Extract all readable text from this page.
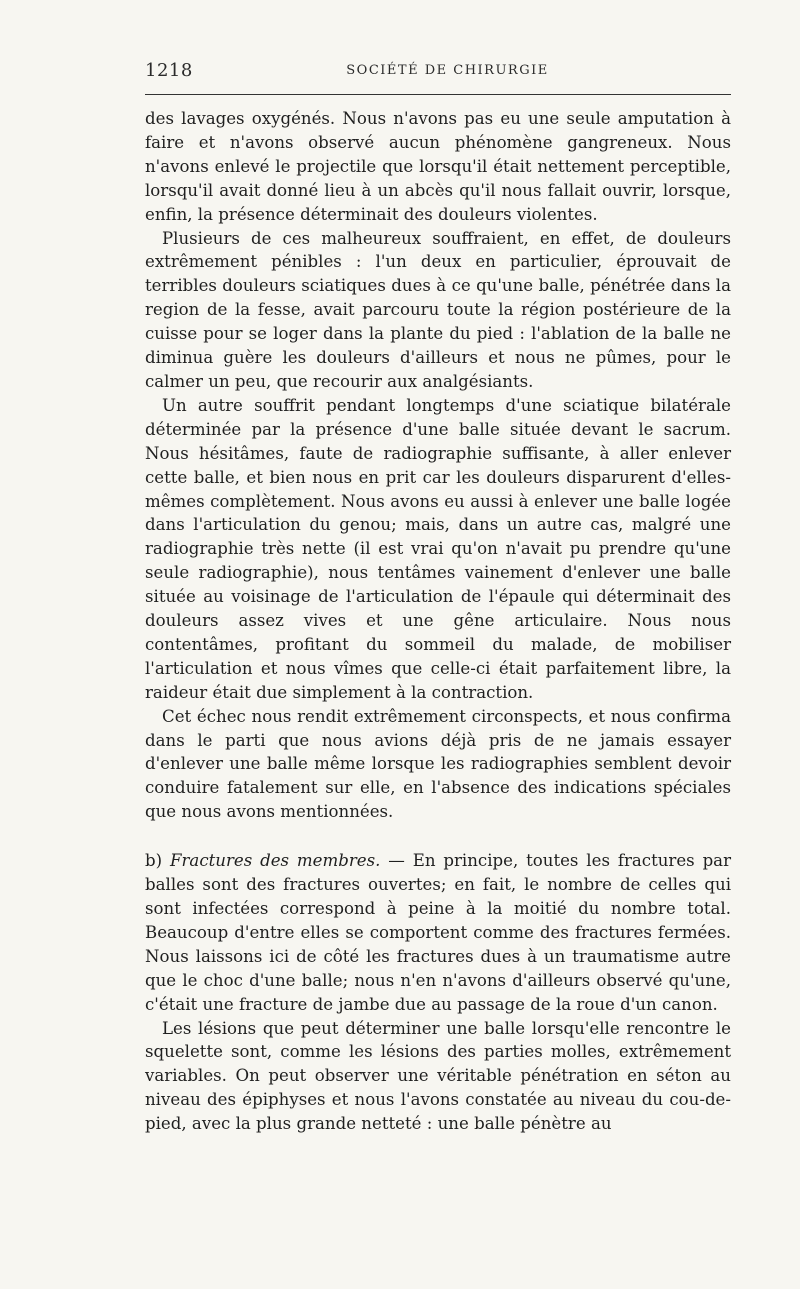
1218	SOCIÉTÉ DE CHIRURGIE

des lavages oxygénés. Nous n'avons pas eu une seule amputation à faire et n'avons observé aucun phénomène gangreneux. Nous n'avons enlevé le projectile que lorsqu'il était nettement perceptible, lorsqu'il avait donné lieu à un abcès qu'il nous fallait ouvrir, lorsque, enfin, la présence déterminait des douleurs violentes.

Plusieurs de ces malheureux souffraient, en effet, de douleurs extrêmement pénibles : l'un deux en particulier, éprouvait de terribles douleurs sciatiques dues à ce qu'une balle, pénétrée dans la region de la fesse, avait parcouru toute la région postérieure de la cuisse pour se loger dans la plante du pied : l'ablation de la balle ne diminua guère les douleurs d'ailleurs et nous ne pûmes, pour le calmer un peu, que recourir aux analgésiants.

Un autre souffrit pendant longtemps d'une sciatique bilatérale déterminée par la présence d'une balle située devant le sacrum. Nous hésitâmes, faute de radiographie suffisante, à aller enlever cette balle, et bien nous en prit car les douleurs disparurent d'elles-mêmes complètement. Nous avons eu aussi à enlever une balle logée dans l'articulation du genou; mais, dans un autre cas, malgré une radiographie très nette (il est vrai qu'on n'avait pu prendre qu'une seule radiographie), nous tentâmes vainement d'enlever une balle située au voisinage de l'articulation de l'épaule qui déterminait des douleurs assez vives et une gêne articulaire. Nous nous contentâmes, profitant du sommeil du malade, de mobiliser l'articulation et nous vîmes que celle-ci était parfaitement libre, la raideur était due simplement à la contraction.

Cet échec nous rendit extrêmement circonspects, et nous confirma dans le parti que nous avions déjà pris de ne jamais essayer d'enlever une balle même lorsque les radiographies semblent devoir conduire fatalement sur elle, en l'absence des indications spéciales que nous avons mentionnées.

b) Fractures des membres. — En principe, toutes les fractures par balles sont des fractures ouvertes; en fait, le nombre de celles qui sont infectées correspond à peine à la moitié du nombre total. Beaucoup d'entre elles se comportent comme des fractures fermées. Nous laissons ici de côté les fractures dues à un traumatisme autre que le choc d'une balle; nous n'en n'avons d'ailleurs observé qu'une, c'était une fracture de jambe due au passage de la roue d'un canon.

Les lésions que peut déterminer une balle lorsqu'elle rencontre le squelette sont, comme les lésions des parties molles, extrêmement variables. On peut observer une véritable pénétration en séton au niveau des épiphyses et nous l'avons constatée au niveau du cou-de-pied, avec la plus grande netteté : une balle pénètre au
